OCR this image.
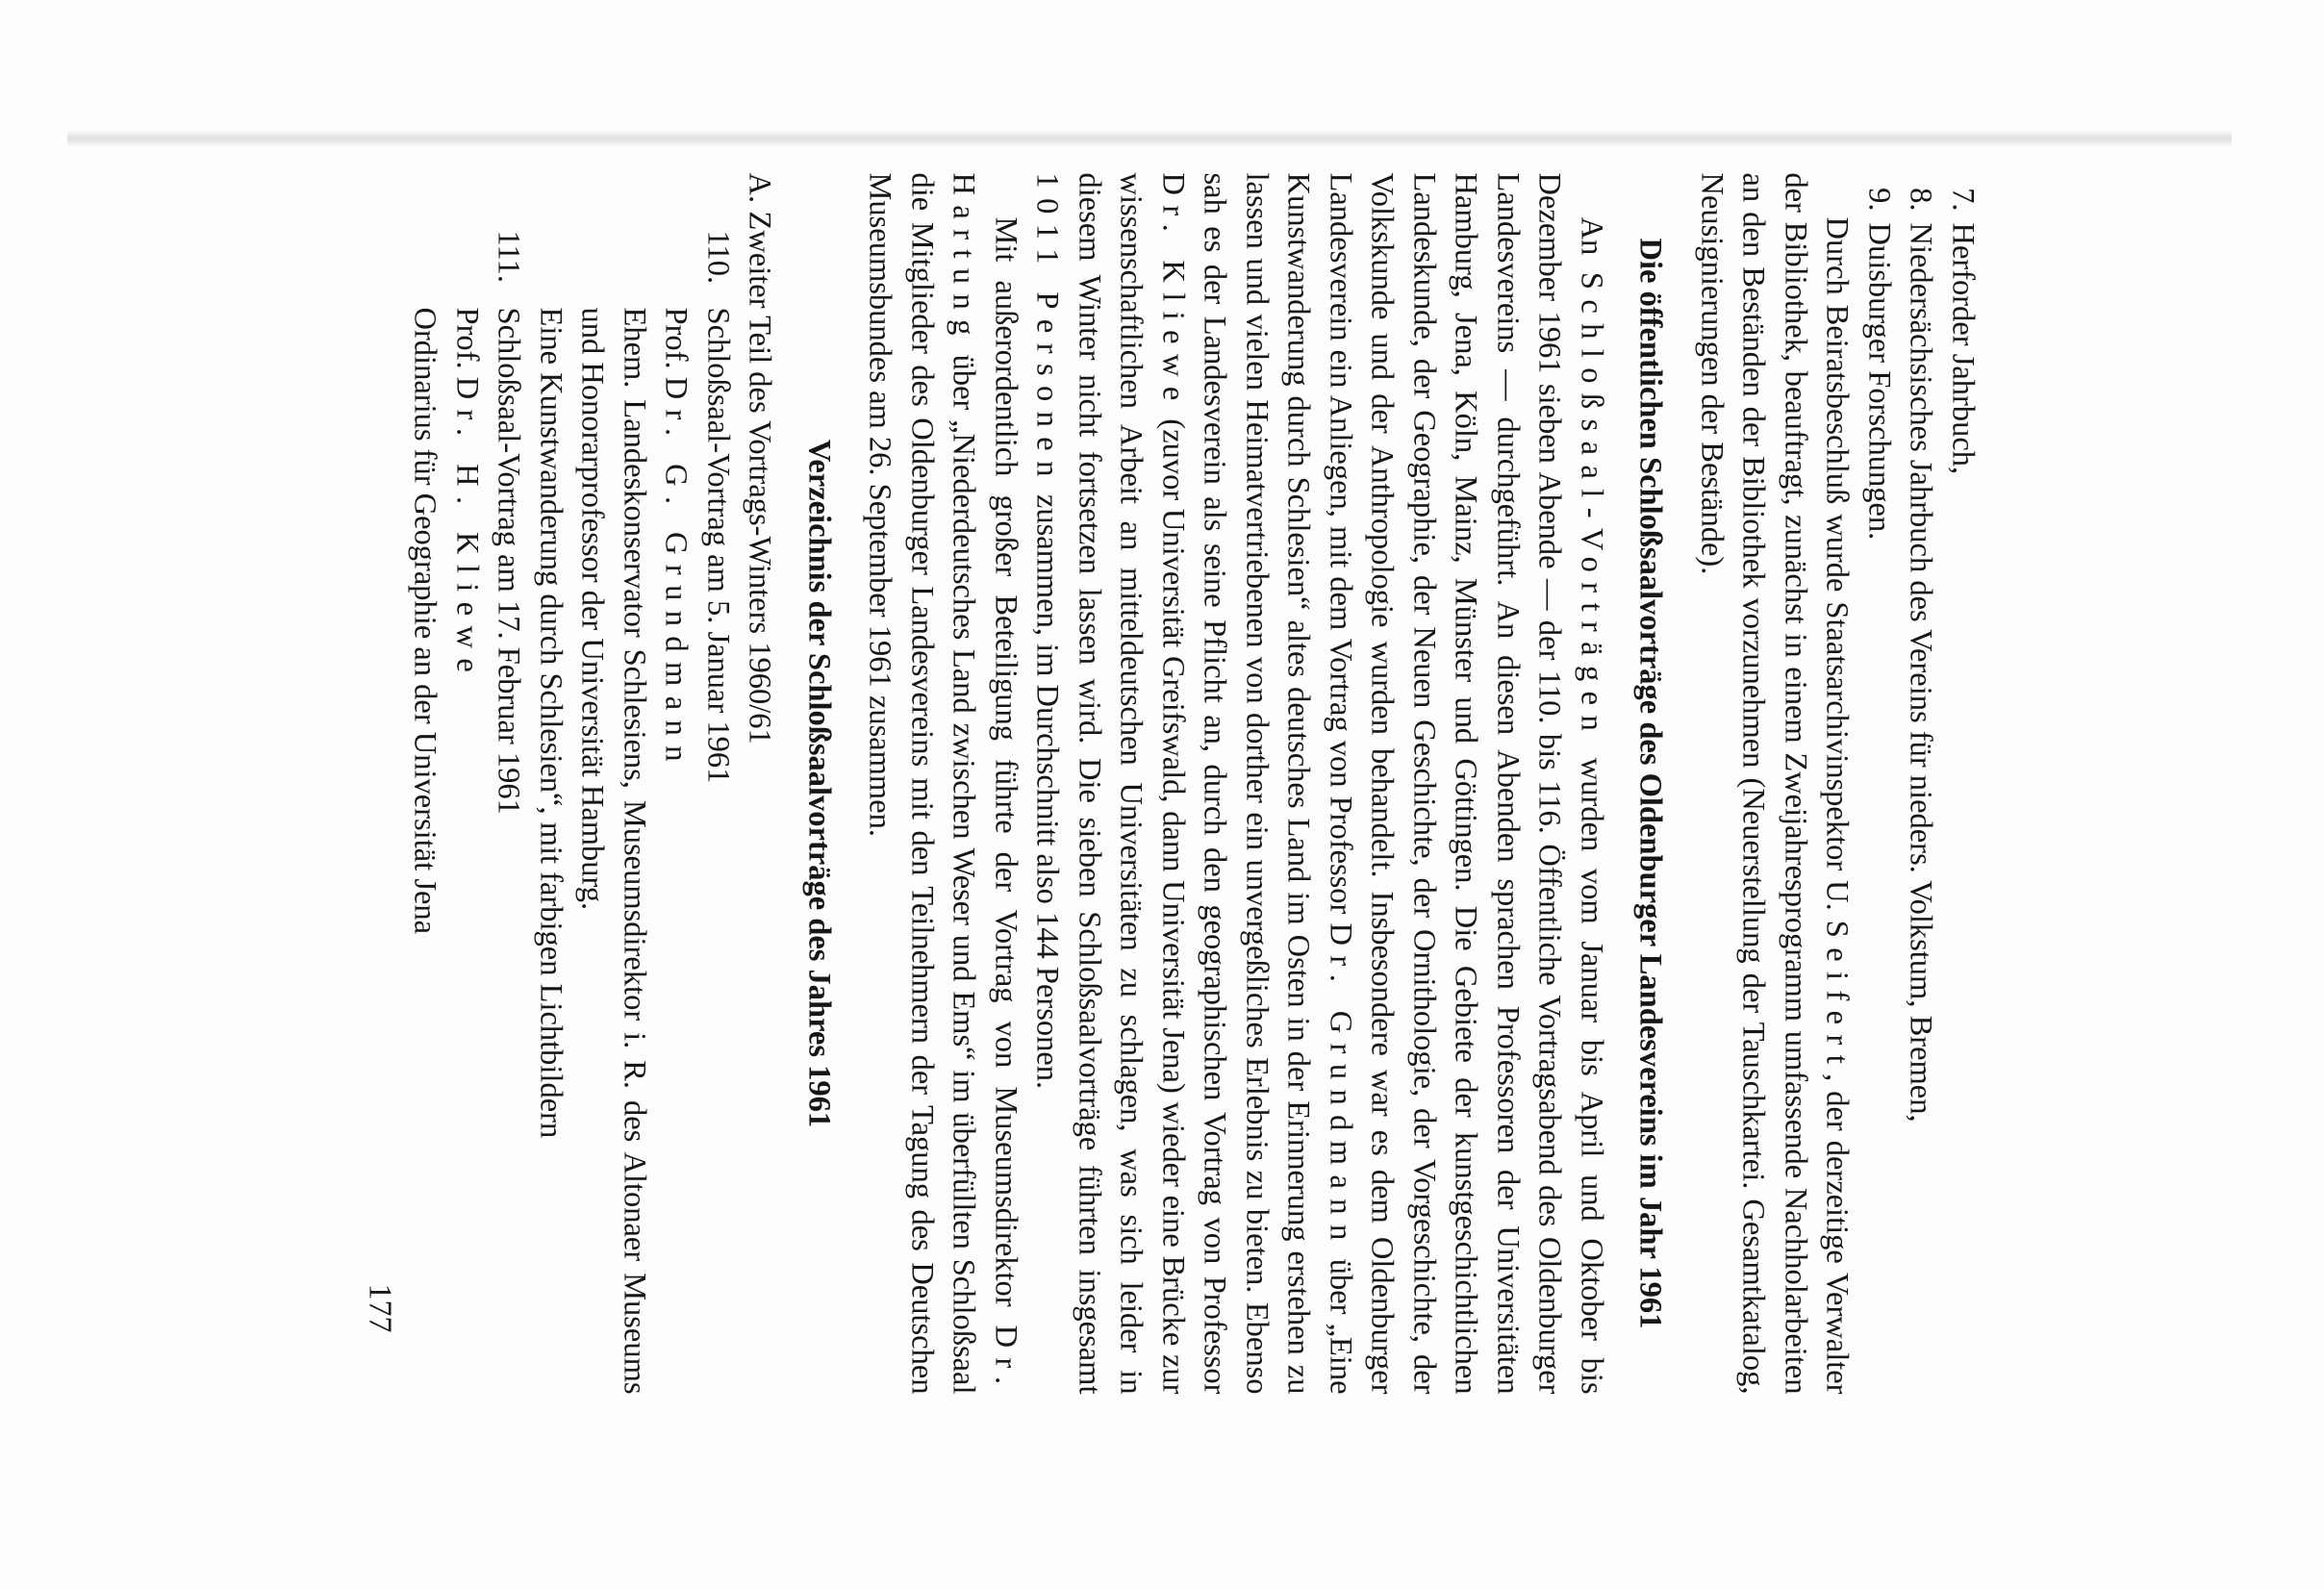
7.
Herforder Jahrbuch,
8.
Niedersächsisches Jahrbuch des Vereins für nieders. Volkstum, Bremen,
9.
Duisburger Forschungen.

Durch Beiratsbeschluß wurde Staatsarchivinspektor U. Seifert, der derzeitige Verwalter der Bibliothek, beauftragt, zunächst in einem Zweijahresprogramm umfassende Nachholarbeiten an den Beständen der Bibliothek vorzunehmen (Neuerstellung der Tauschkartei. Gesamtkatalog, Neusignierungen der Bestände).

Die öffentlichen Schloßsaalvorträge des Oldenburger Landesvereins im Jahr 1961

An Schloßsaal-Vorträgen wurden vom Januar bis April und Oktober bis Dezember 1961 sieben Abende — der 110. bis 116. Öffentliche Vortragsabend des Oldenburger Landesvereins — durchgeführt. An diesen Abenden sprachen Professoren der Universitäten Hamburg, Jena, Köln, Mainz, Münster und Göttingen. Die Gebiete der kunstgeschichtlichen Landeskunde, der Geographie, der Neuen Geschichte, der Ornithologie, der Vorgeschichte, der Volkskunde und der Anthropologie wurden behandelt. Insbesondere war es dem Oldenburger Landesverein ein Anliegen, mit dem Vortrag von Professor Dr. Grundmann über „Eine Kunstwanderung durch Schlesien“ altes deutsches Land im Osten in der Erinnerung erstehen zu lassen und vielen Heimatvertriebenen von dorther ein unvergeßliches Erlebnis zu bieten. Ebenso sah es der Landesverein als seine Pflicht an, durch den geographischen Vortrag von Professor Dr. Kliewe (zuvor Universität Greifswald, dann Universität Jena) wieder eine Brücke zur wissenschaftlichen Arbeit an mitteldeutschen Universitäten zu schlagen, was sich leider in diesem Winter nicht fortsetzen lassen wird. Die sieben Schloßsaalvorträge führten insgesamt 1011 Personen zusammen, im Durchschnitt also 144 Personen.

Mit außerordentlich großer Beteiligung führte der Vortrag von Museumsdirektor Dr. Hartung über „Niederdeutsches Land zwischen Weser und Ems“ im überfüllten Schloßsaal die Mitglieder des Oldenburger Landesvereins mit den Teilnehmern der Tagung des Deutschen Museumsbundes am 26. September 1961 zusammen.

Verzeichnis der Schloßsaalvorträge des Jahres 1961
A.
Zweiter Teil des Vortrags-Winters 1960/61
110.
Schloßsaal-Vortrag am 5. Januar 1961
Prof. Dr. G. Grundmann
Ehem. Landeskonservator Schlesiens, Museumsdirektor i. R. des Altonaer Museums und Honorarprofessor der Universität Hamburg.
Eine Kunstwanderung durch Schlesien“, mit farbigen Lichtbildern
111.
Schloßsaal-Vortrag am 17. Februar 1961
Prof. Dr. H. Kliewe
Ordinarius für Geographie an der Universität Jena
177
